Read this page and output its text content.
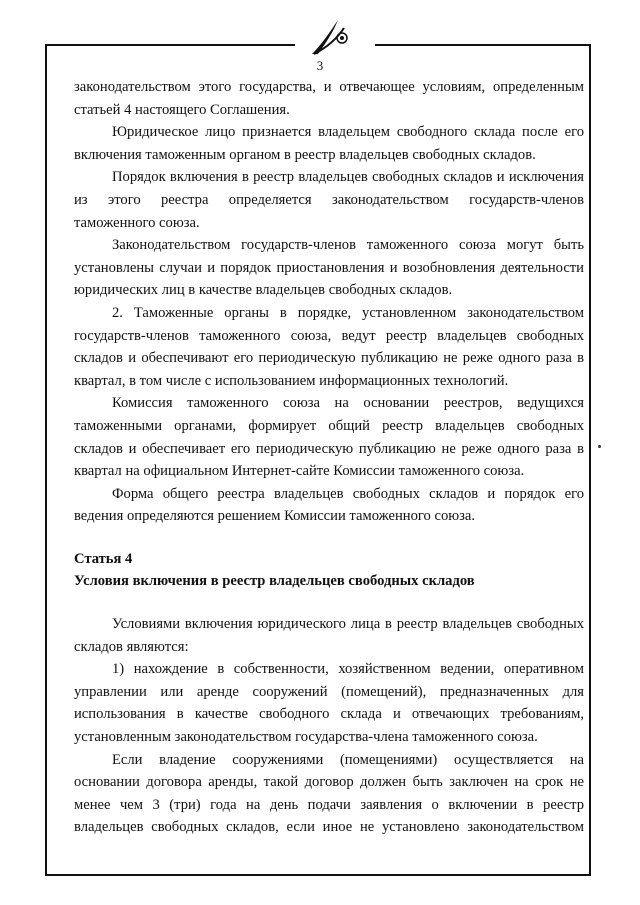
3

законодательством этого государства, и отвечающее условиям, определенным статьей 4 настоящего Соглашения.

Юридическое лицо признается владельцем свободного склада после его включения таможенным органом в реестр владельцев свободных складов.

Порядок включения в реестр владельцев свободных складов и исключения из этого реестра определяется законодательством государств-членов таможенного союза.

Законодательством государств-членов таможенного союза могут быть установлены случаи и порядок приостановления и возобновления деятельности юридических лиц в качестве владельцев свободных складов.

2. Таможенные органы в порядке, установленном законодательством государств-членов таможенного союза, ведут реестр владельцев свободных складов и обеспечивают его периодическую публикацию не реже одного раза в квартал, в том числе с использованием информационных технологий.

Комиссия таможенного союза на основании реестров, ведущихся таможенными органами, формирует общий реестр владельцев свободных складов и обеспечивает его периодическую публикацию не реже одного раза в квартал на официальном Интернет-сайте Комиссии таможенного союза.

Форма общего реестра владельцев свободных складов и порядок его ведения определяются решением Комиссии таможенного союза.

Статья 4

Условия включения в реестр владельцев свободных складов

Условиями включения юридического лица в реестр владельцев свободных складов являются:

1) нахождение в собственности, хозяйственном ведении, оперативном управлении или аренде сооружений (помещений), предназначенных для использования в качестве свободного склада и отвечающих требованиям, установленным законодательством государства-члена таможенного союза.

Если владение сооружениями (помещениями) осуществляется на основании договора аренды, такой договор должен быть заключен на срок не менее чем 3 (три) года на день подачи заявления о включении в реестр владельцев свободных складов, если иное не установлено законодательством
